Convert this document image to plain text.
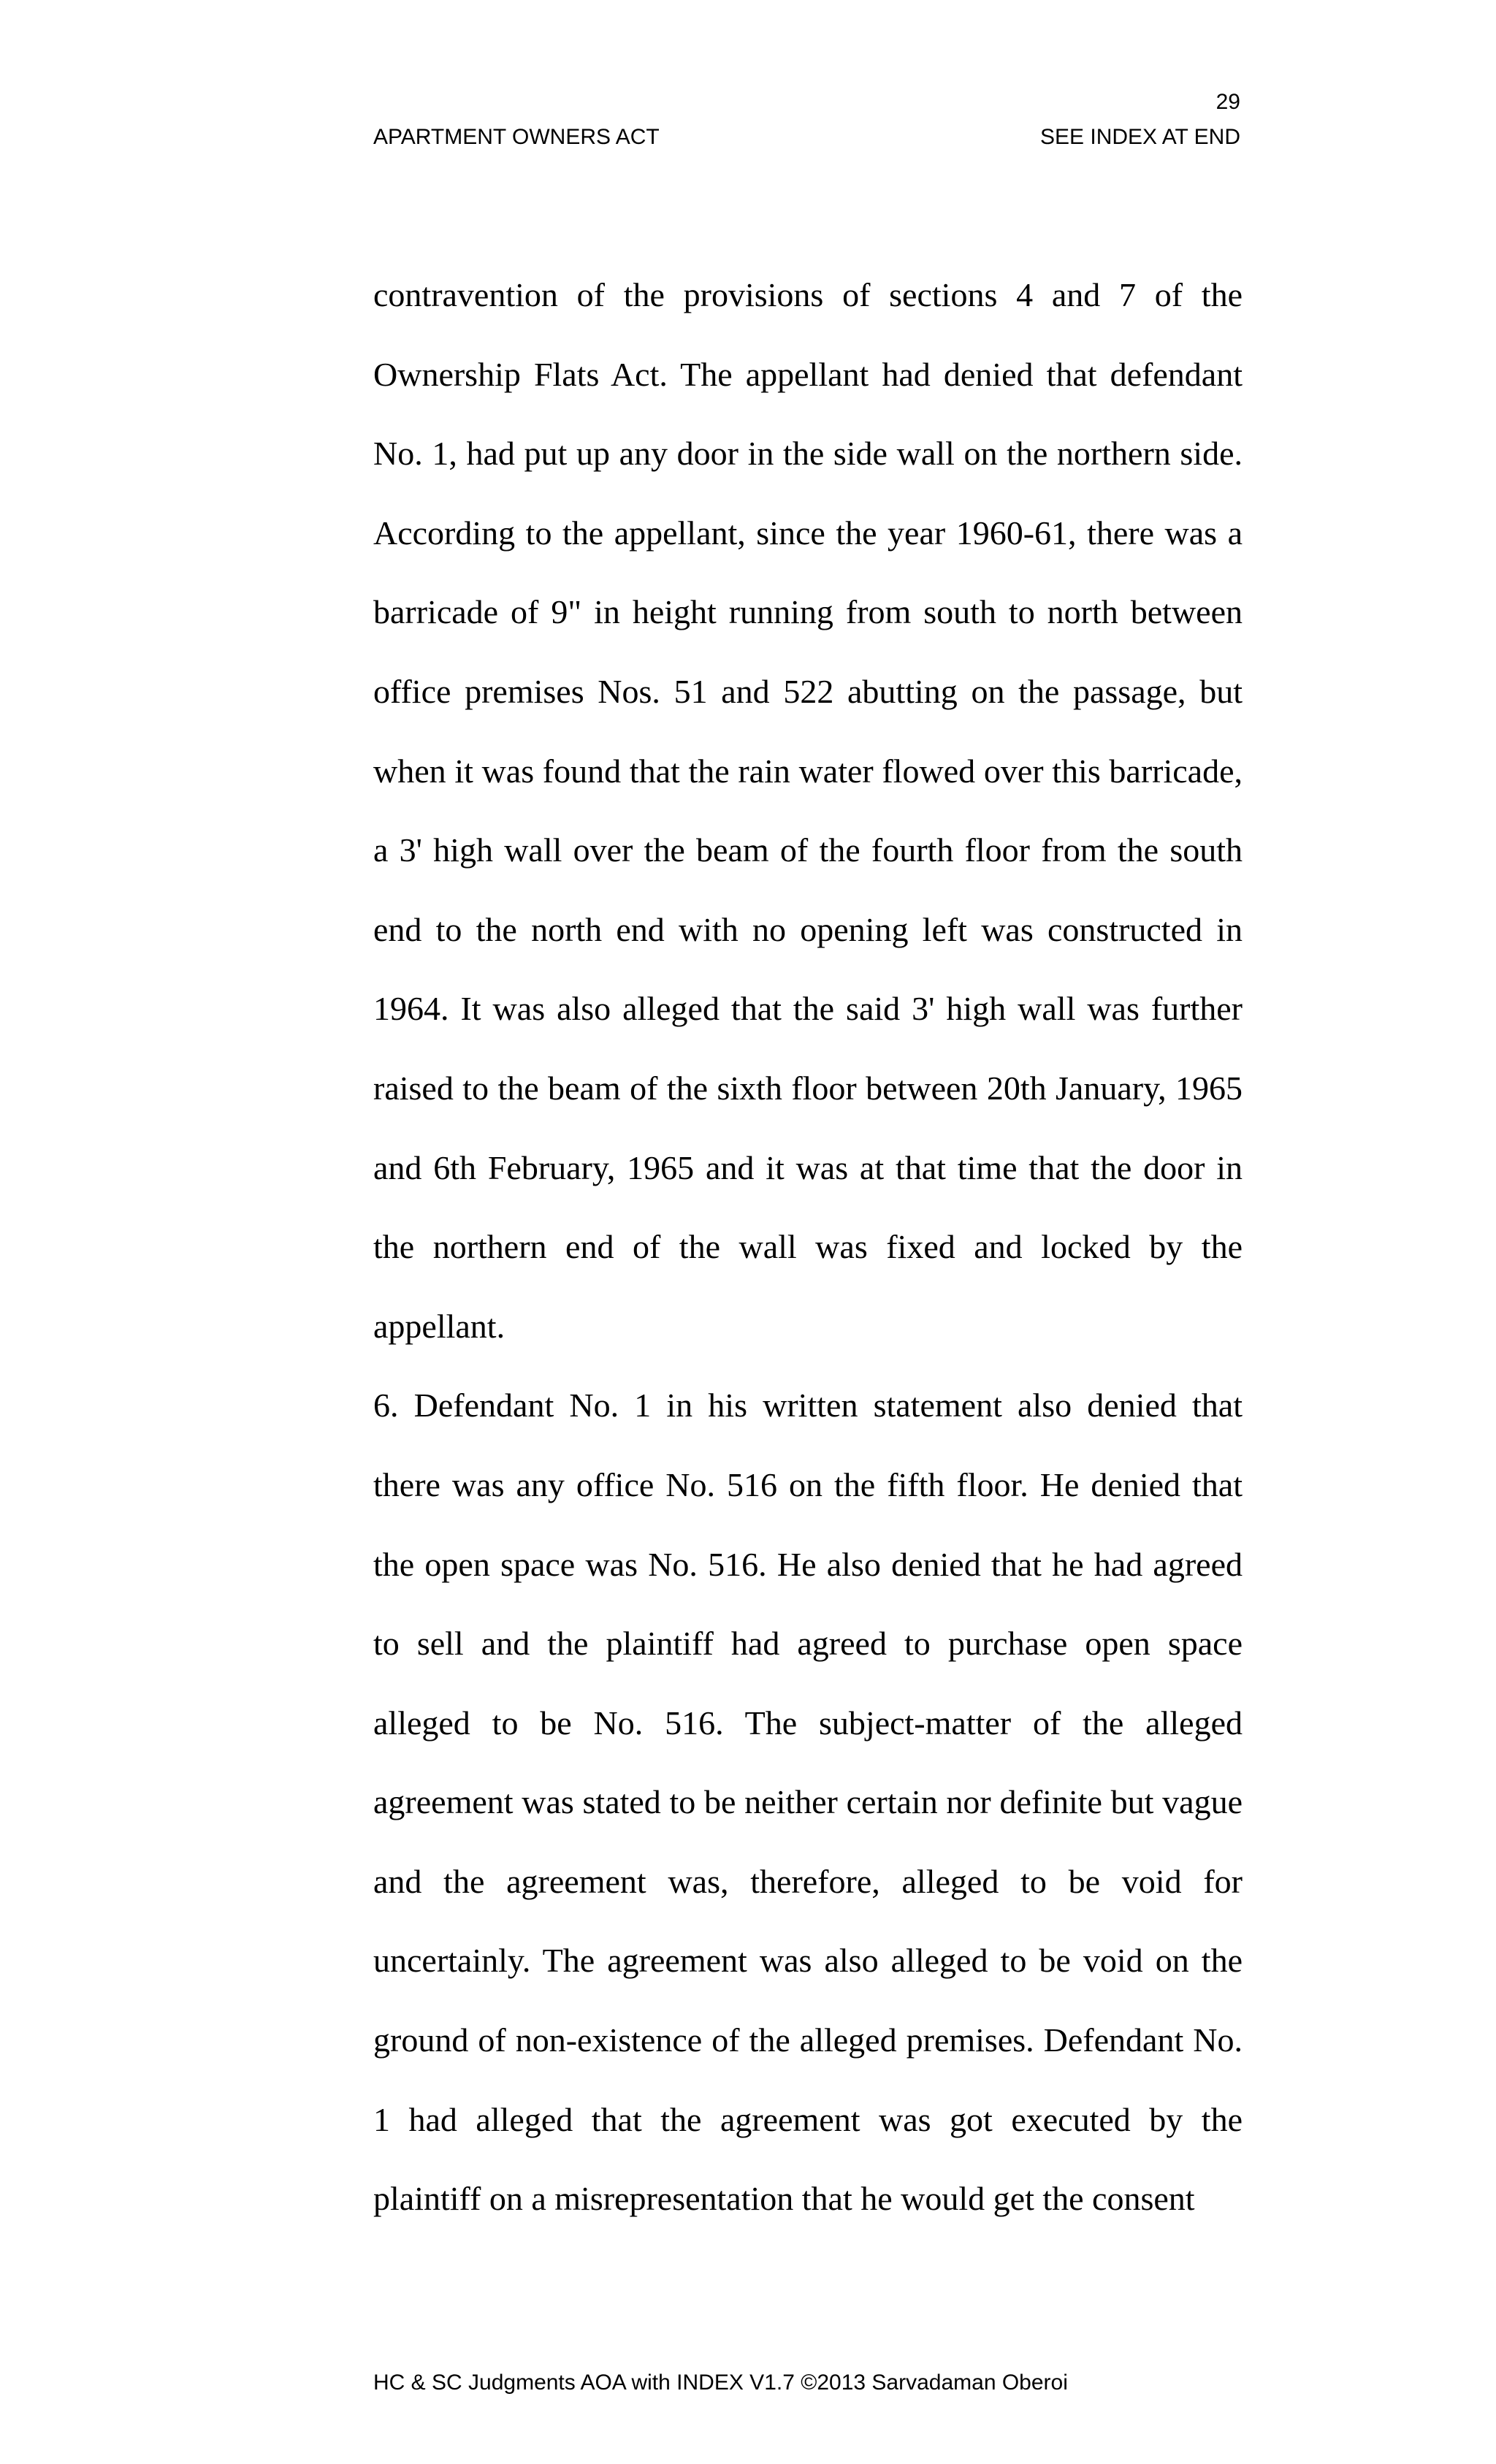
29
APARTMENT OWNERS ACT	SEE INDEX AT END

contravention of the provisions of sections 4 and 7 of the Ownership Flats Act. The appellant had denied that defendant No. 1, had put up any door in the side wall on the northern side. According to the appellant, since the year 1960-61, there was a barricade of 9" in height running from south to north between office premises Nos. 51 and 522 abutting on the passage, but when it was found that the rain water flowed over this barricade, a 3' high wall over the beam of the fourth floor from the south end to the north end with no opening left was constructed in 1964. It was also alleged that the said 3' high wall was further raised to the beam of the sixth floor between 20th January, 1965 and 6th February, 1965 and it was at that time that the door in the northern end of the wall was fixed and locked by the appellant.

6. Defendant No. 1 in his written statement also denied that there was any office No. 516 on the fifth floor. He denied that the open space was No. 516. He also denied that he had agreed to sell and the plaintiff had agreed to purchase open space alleged to be No. 516. The subject-matter of the alleged agreement was stated to be neither certain nor definite but vague and the agreement was, therefore, alleged to be void for uncertainly. The agreement was also alleged to be void on the ground of non-existence of the alleged premises. Defendant No. 1 had alleged that the agreement was got executed by the plaintiff on a misrepresentation that he would get the consent

HC & SC Judgments AOA with INDEX V1.7 ©2013 Sarvadaman Oberoi
